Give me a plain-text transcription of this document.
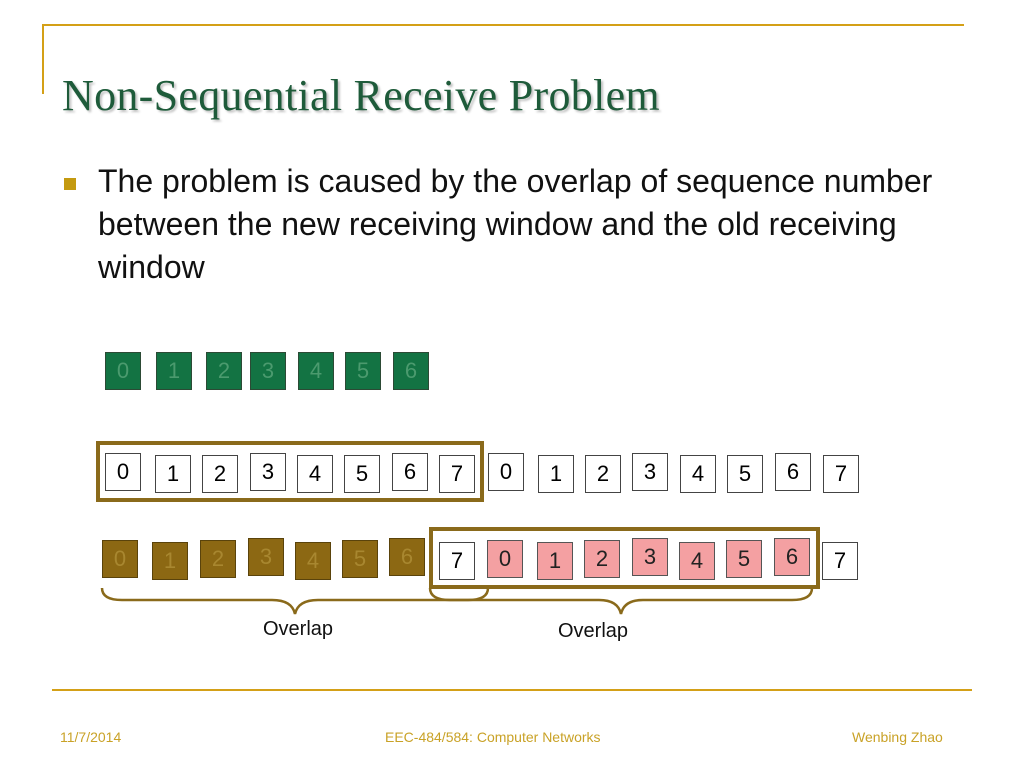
Non-Sequential Receive Problem

The problem is caused by the overlap of sequence number between the new receiving window and the old receiving window

0	1	2	3	4	5	6
0	1	2	3	4	5	6	7	0	1	2	3	4	5	6	7
0	1	2	3	4	5	6	7	0	1	2	3	4	5	6	7
Overlap	Overlap
11/7/2014	EEC-484/584: Computer Networks	Wenbing Zhao
